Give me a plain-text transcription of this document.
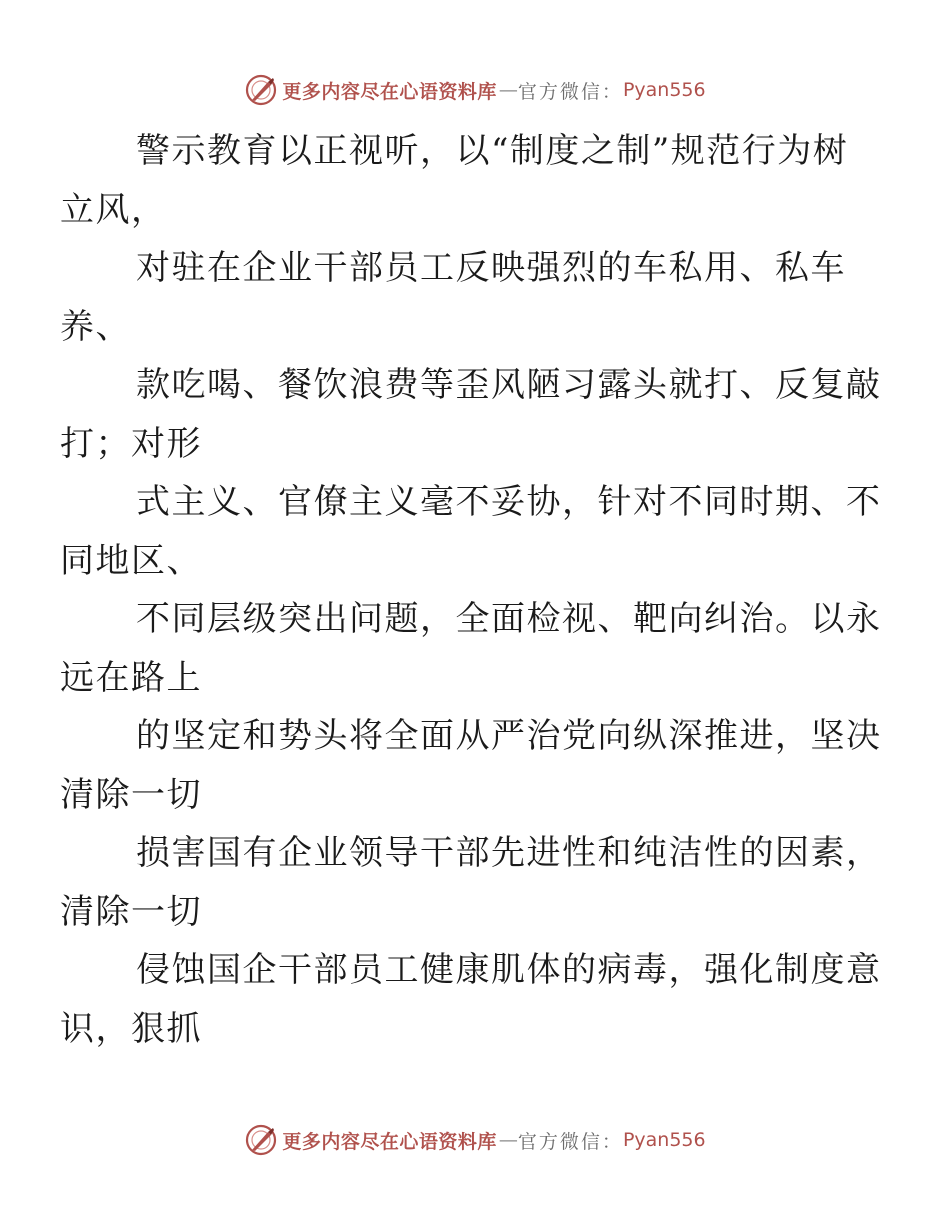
更多内容尽在心语资料库 — 官方微信： Pyan556

警示教育以正视听，以“制度之制”规范行为树
立风，

对驻在企业干部员工反映强烈的车私用、私车
养、

款吃喝、餐饮浪费等歪风陋习露头就打、反复敲
打；对形

式主义、官僚主义毫不妥协，针对不同时期、不
同地区、

不同层级突出问题，全面检视、靶向纠治。以永
远在路上

的坚定和势头将全面从严治党向纵深推进，坚决
清除一切

损害国有企业领导干部先进性和纯洁性的因素，
清除一切

侵蚀国企干部员工健康肌体的病毒，强化制度意
识，狠抓

更多内容尽在心语资料库 — 官方微信： Pyan556
